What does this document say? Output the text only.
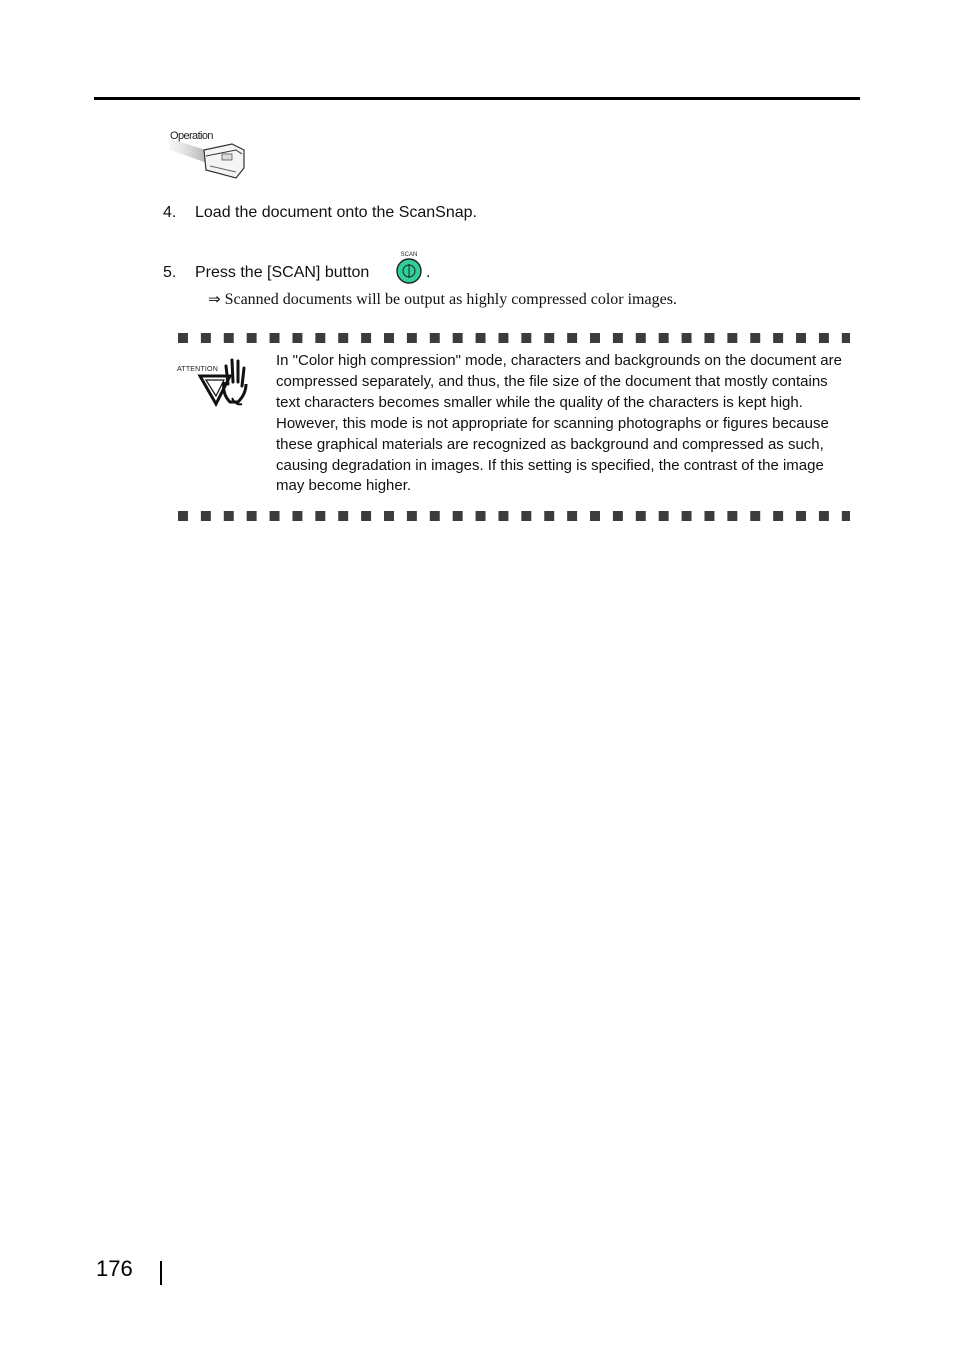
Operation
4. Load the document onto the ScanSnap.
5. Press the [SCAN] button
SCAN
.
⇒ Scanned documents will be output as highly compressed color images.
ATTENTION
In "Color high compression" mode, characters and backgrounds on the document are compressed separately, and thus, the file size of the document that mostly contains text characters becomes smaller while the quality of the characters is kept high. However, this mode is not appropriate for scanning photographs or figures because these graphical materials are recognized as background and compressed as such, causing degradation in images. If this setting is specified, the contrast of the image may become higher.
176
